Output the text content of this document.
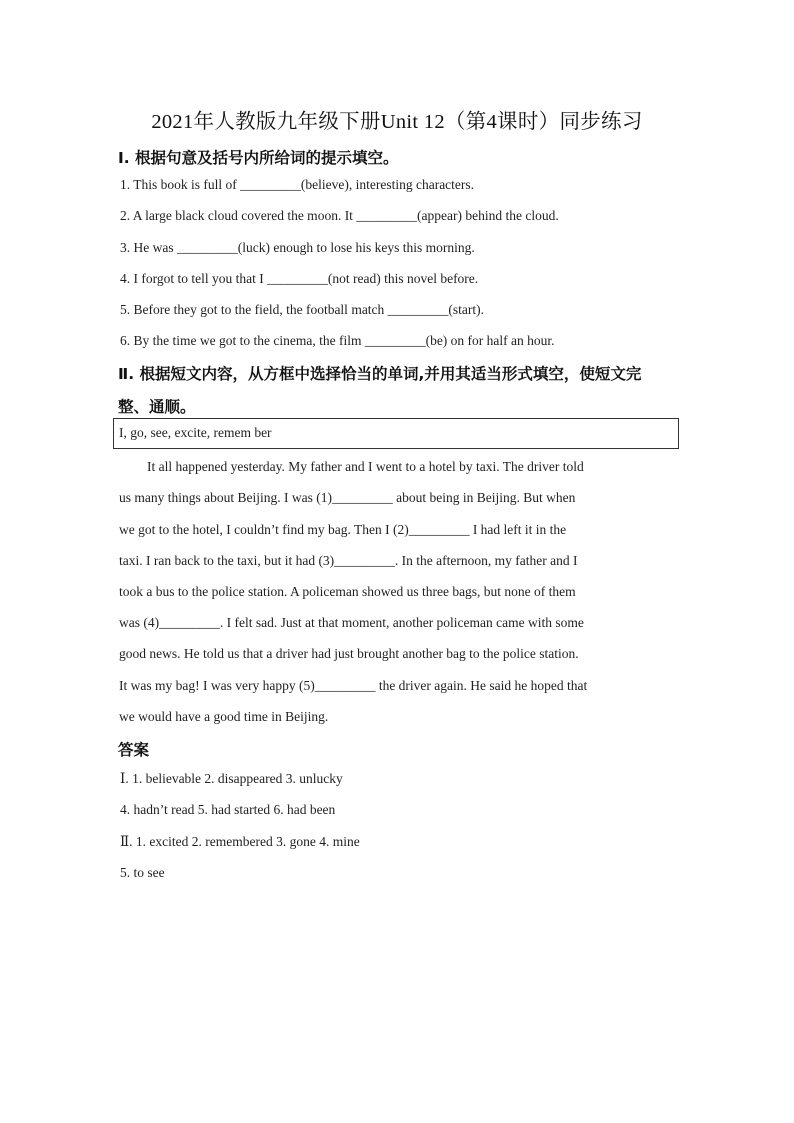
2021年人教版九年级下册Unit 12（第4课时）同步练习
Ⅰ. 根据句意及括号内所给词的提示填空。
1. This book is full of _________(believe), interesting characters.
2. A large black cloud covered the moon. It _________(appear) behind the cloud.
3. He was _________(luck) enough to lose his keys this morning.
4. I forgot to tell you that I _________(not read) this novel before.
5. Before they got to the field, the football match _________(start).
6. By the time we got to the cinema, the film _________(be) on for half an hour.
Ⅱ. 根据短文内容，从方框中选择恰当的单词,并用其适当形式填空，使短文完
整、通顺。
I, go, see, excite, remem ber
It all happened yesterday. My father and I went to a hotel by taxi. The driver told
us many things about Beijing. I was (1)_________ about being in Beijing. But when
we got to the hotel, I couldn’t find my bag. Then I (2)_________ I had left it in the
taxi. I ran back to the taxi, but it had (3)_________. In the afternoon, my father and I
took a bus to the police station. A policeman showed us three bags, but none of them
was (4)_________. I felt sad. Just at that moment, another policeman came with some
good news. He told us that a driver had just brought another bag to the police station.
It was my bag! I was very happy (5)_________ the driver again. He said he hoped that
we would have a good time in Beijing.
答案
Ⅰ. 1. believable 2. disappeared 3. unlucky
4. hadn’t read 5. had started 6. had been
Ⅱ. 1. excited 2. remembered 3. gone 4. mine
5. to see
